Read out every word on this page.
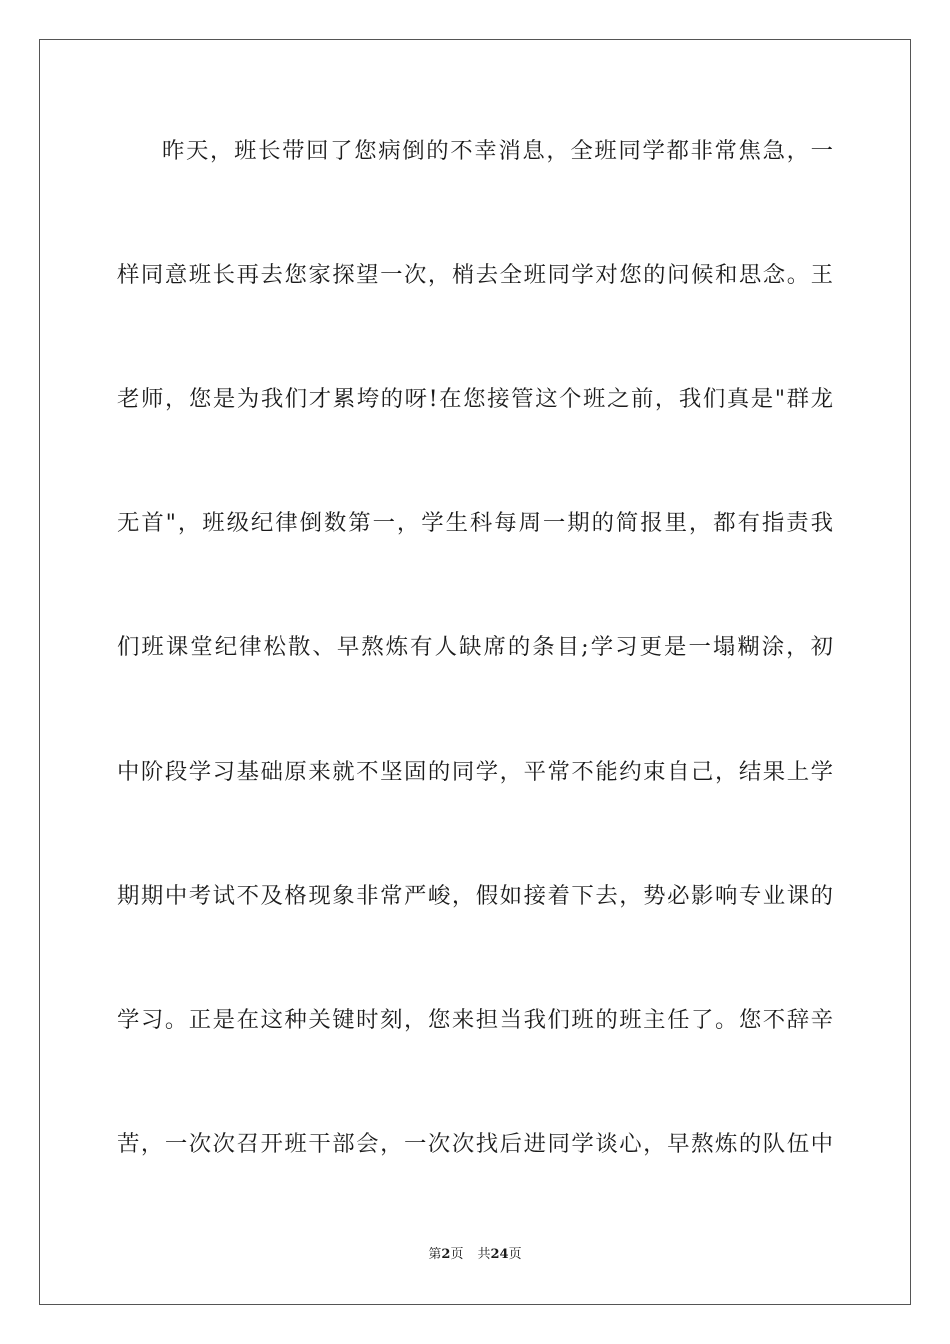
昨天，班长带回了您病倒的不幸消息，全班同学都非常焦急，一
样同意班长再去您家探望一次，梢去全班同学对您的问候和思念。王
老师，您是为我们才累垮的呀!在您接管这个班之前，我们真是"群龙
无首"，班级纪律倒数第一，学生科每周一期的简报里，都有指责我
们班课堂纪律松散、早熬炼有人缺席的条目;学习更是一塌糊涂，初
中阶段学习基础原来就不坚固的同学，平常不能约束自己，结果上学
期期中考试不及格现象非常严峻，假如接着下去，势必影响专业课的
学习。正是在这种关键时刻，您来担当我们班的班主任了。您不辞辛
苦，一次次召开班干部会，一次次找后进同学谈心，早熬炼的队伍中
第2页 共24页
